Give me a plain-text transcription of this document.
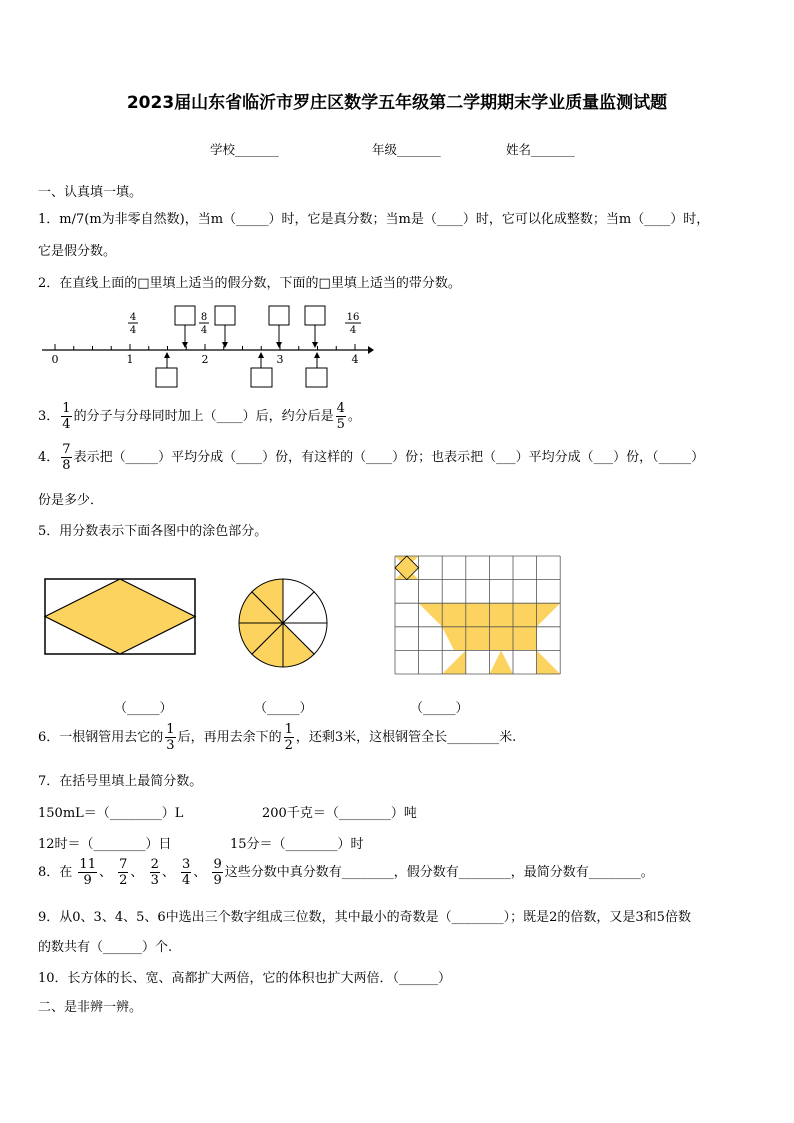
2023届山东省临沂市罗庄区数学五年级第二学期期末学业质量监测试题
学校_______	年级_______	姓名_______
一、认真填一填。
1．m/7(m为非零自然数)，当m（_____）时，它是真分数；当m是（____）时，它可以化成整数；当m（____）时，
它是假分数。
2．在直线上面的□里填上适当的假分数，下面的□里填上适当的带分数。
0	1	2	3	4
4
4
8
4
16
4
3． $\frac{1}{4}$ 的分子与分母同时加上（____）后，约分后是 $\frac{4}{5}$ 。
4． $\frac{7}{8}$ 表示把（_____）平均分成（____）份，有这样的（____）份；也表示把（___）平均分成（___）份，（_____）
份是多少．
5．用分数表示下面各图中的涂色部分。
（_____）	（_____）	（_____）
6．一根钢管用去它的 $\frac{1}{3}$ 后，再用去余下的 $\frac{1}{2}$ ，还剩3米，这根钢管全长________米.
7．在括号里填上最简分数。
150mL＝（________）L	200千克＝（________）吨
12时＝（________）日	15分＝（________）时
8．在 $\frac{11}{9}$ 、 $\frac{7}{2}$ 、 $\frac{2}{3}$ 、 $\frac{3}{4}$ 、 $\frac{9}{9}$ 这些分数中真分数有________，假分数有________，最简分数有________。
9．从0、3、4、5、6中选出三个数字组成三位数，其中最小的奇数是（________）；既是2的倍数，又是3和5倍数
的数共有（______）个.
10．长方体的长、宽、高都扩大两倍，它的体积也扩大两倍．（______）
二、是非辨一辨。
